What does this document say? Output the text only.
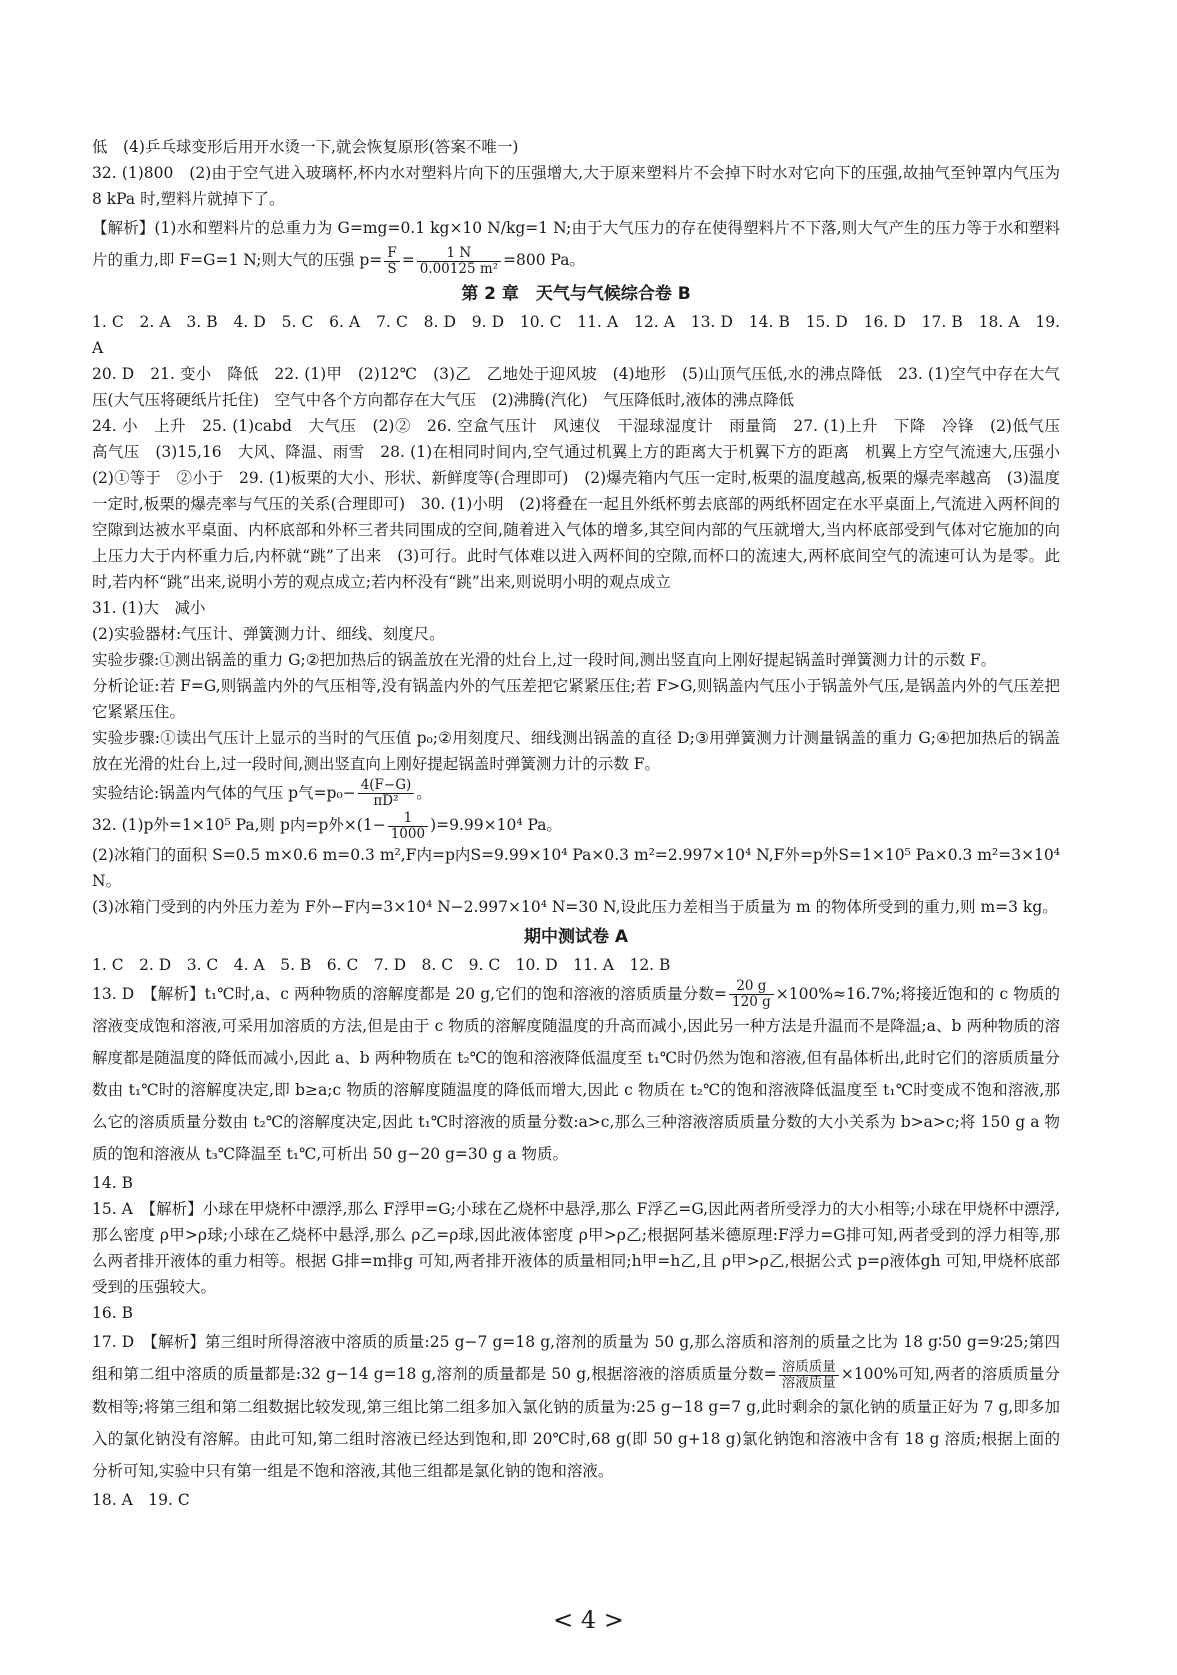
低　(4)乒乓球变形后用开水烫一下,就会恢复原形(答案不唯一)

32. (1)800　(2)由于空气进入玻璃杯,杯内水对塑料片向下的压强增大,大于原来塑料片不会掉下时水对它向下的压强,故抽气至钟罩内气压为 8 kPa 时,塑料片就掉下了。

【解析】(1)水和塑料片的总重力为 G=mg=0.1 kg×10 N/kg=1 N;由于大气压力的存在使得塑料片不下落,则大气产生的压力等于水和塑料片的重力,即 F=G=1 N;则大气的压强 $p= \frac{F}{S} = \frac{1 N}{\text{0.00125 m²}} =800$ Pa。

第 2 章　天气与气候综合卷 B

1. C　2. A　3. B　4. D　5. C　6. A　7. C　8. D　9. D　10. C　11. A　12. A　13. D　14. B　15. D　16. D　17. B　18. A　19. A

20. D　21. 变小　降低　22. (1)甲　(2)12℃　(3)乙　乙地处于迎风坡　(4)地形　(5)山顶气压低,水的沸点降低　23. (1)空气中存在大气压(大气压将硬纸片托住)　空气中各个方向都存在大气压　(2)沸腾(汽化)　气压降低时,液体的沸点降低

24. 小　上升　25. (1)cabd　大气压　(2)②　26. 空盒气压计　风速仪　干湿球湿度计　雨量筒　27. (1)上升　下降　冷锋　(2)低气压　高气压　(3)15,16　大风、降温、雨雪　28. (1)在相同时间内,空气通过机翼上方的距离大于机翼下方的距离　机翼上方空气流速大,压强小　(2)①等于　②小于　29. (1)板栗的大小、形状、新鲜度等(合理即可)　(2)爆壳箱内气压一定时,板栗的温度越高,板栗的爆壳率越高　(3)温度一定时,板栗的爆壳率与气压的关系(合理即可)　30. (1)小明　(2)将叠在一起且外纸杯剪去底部的两纸杯固定在水平桌面上,气流进入两杯间的空隙到达被水平桌面、内杯底部和外杯三者共同围成的空间,随着进入气体的增多,其空间内部的气压就增大,当内杯底部受到气体对它施加的向上压力大于内杯重力后,内杯就“跳”了出来　(3)可行。此时气体难以进入两杯间的空隙,而杯口的流速大,两杯底间空气的流速可认为是零。此时,若内杯“跳”出来,说明小芳的观点成立;若内杯没有“跳”出来,则说明小明的观点成立

31. (1)大　减小

(2)实验器材:气压计、弹簧测力计、细线、刻度尺。

实验步骤:①测出锅盖的重力 G;②把加热后的锅盖放在光滑的灶台上,过一段时间,测出竖直向上刚好提起锅盖时弹簧测力计的示数 F。

分析论证:若 F=G,则锅盖内外的气压相等,没有锅盖内外的气压差把它紧紧压住;若 F>G,则锅盖内气压小于锅盖外气压,是锅盖内外的气压差把它紧紧压住。

实验步骤:①读出气压计上显示的当时的气压值 p₀;②用刻度尺、细线测出锅盖的直径 D;③用弹簧测力计测量锅盖的重力 G;④把加热后的锅盖放在光滑的灶台上,过一段时间,测出竖直向上刚好提起锅盖时弹簧测力计的示数 F。

实验结论:锅盖内气体的气压 p气$=p_0- \frac{4(F-G)}{\text{πD²}}$ 。

32. (1)p外=1×10⁵ Pa,则 p内=p外$\times(1- \frac{1}{1000} )=9.99\times 10^4$ Pa。

(2)冰箱门的面积 S=0.5 m×0.6 m=0.3 m²,F内=p内S=9.99×10⁴ Pa×0.3 m²=2.997×10⁴ N,F外=p外S=1×10⁵ Pa×0.3 m²=3×10⁴ N。

(3)冰箱门受到的内外压力差为 F外−F内=3×10⁴ N−2.997×10⁴ N=30 N,设此压力差相当于质量为 m 的物体所受到的重力,则 m=3 kg。

期中测试卷 A

1. C　2. D　3. C　4. A　5. B　6. C　7. D　8. C　9. C　10. D　11. A　12. B

13. D　【解析】t₁℃时,a、c 两种物质的溶解度都是 20 g,它们的饱和溶液的溶质质量分数= $\frac{20 g}{120 g} \times 100\%\approx 16.7\%$;将接近饱和的 c 物质的溶液变成饱和溶液,可采用加溶质的方法,但是由于 c 物质的溶解度随温度的升高而减小,因此另一种方法是升温而不是降温;a、b 两种物质的溶解度都是随温度的降低而减小,因此 a、b 两种物质在 t₂℃的饱和溶液降低温度至 t₁℃时仍然为饱和溶液,但有晶体析出,此时它们的溶质质量分数由 t₁℃时的溶解度决定,即 b≥a;c 物质的溶解度随温度的降低而增大,因此 c 物质在 t₂℃的饱和溶液降低温度至 t₁℃时变成不饱和溶液,那么它的溶质质量分数由 t₂℃的溶解度决定,因此 t₁℃时溶液的质量分数:a>c,那么三种溶液溶质质量分数的大小关系为 b>a>c;将 150 g a 物质的饱和溶液从 t₃℃降温至 t₁℃,可析出 50 g−20 g=30 g a 物质。

14. B

15. A　【解析】小球在甲烧杯中漂浮,那么 F浮甲=G;小球在乙烧杯中悬浮,那么 F浮乙=G,因此两者所受浮力的大小相等;小球在甲烧杯中漂浮,那么密度 ρ甲>ρ球;小球在乙烧杯中悬浮,那么 ρ乙=ρ球,因此液体密度 ρ甲>ρ乙;根据阿基米德原理:F浮力=G排可知,两者受到的浮力相等,那么两者排开液体的重力相等。根据 G排=m排g 可知,两者排开液体的质量相同;h甲=h乙,且 ρ甲>ρ乙,根据公式 p=ρ液体gh 可知,甲烧杯底部受到的压强较大。

16. B

17. D　【解析】第三组时所得溶液中溶质的质量:25 g−7 g=18 g,溶剂的质量为 50 g,那么溶质和溶剂的质量之比为 18 g∶50 g=9∶25;第四组和第二组中溶质的质量都是:32 g−14 g=18 g,溶剂的质量都是 50 g,根据溶液的溶质质量分数= $\frac{\text{溶质质量}}{\text{溶液质量}} \times 100\%$可知,两者的溶质质量分数相等;将第三组和第二组数据比较发现,第三组比第二组多加入氯化钠的质量为:25 g−18 g=7 g,此时剩余的氯化钠的质量正好为 7 g,即多加入的氯化钠没有溶解。由此可知,第二组时溶液已经达到饱和,即 20℃时,68 g(即 50 g+18 g)氯化钠饱和溶液中含有 18 g 溶质;根据上面的分析可知,实验中只有第一组是不饱和溶液,其他三组都是氯化钠的饱和溶液。

18. A　19. C

< 4 >
